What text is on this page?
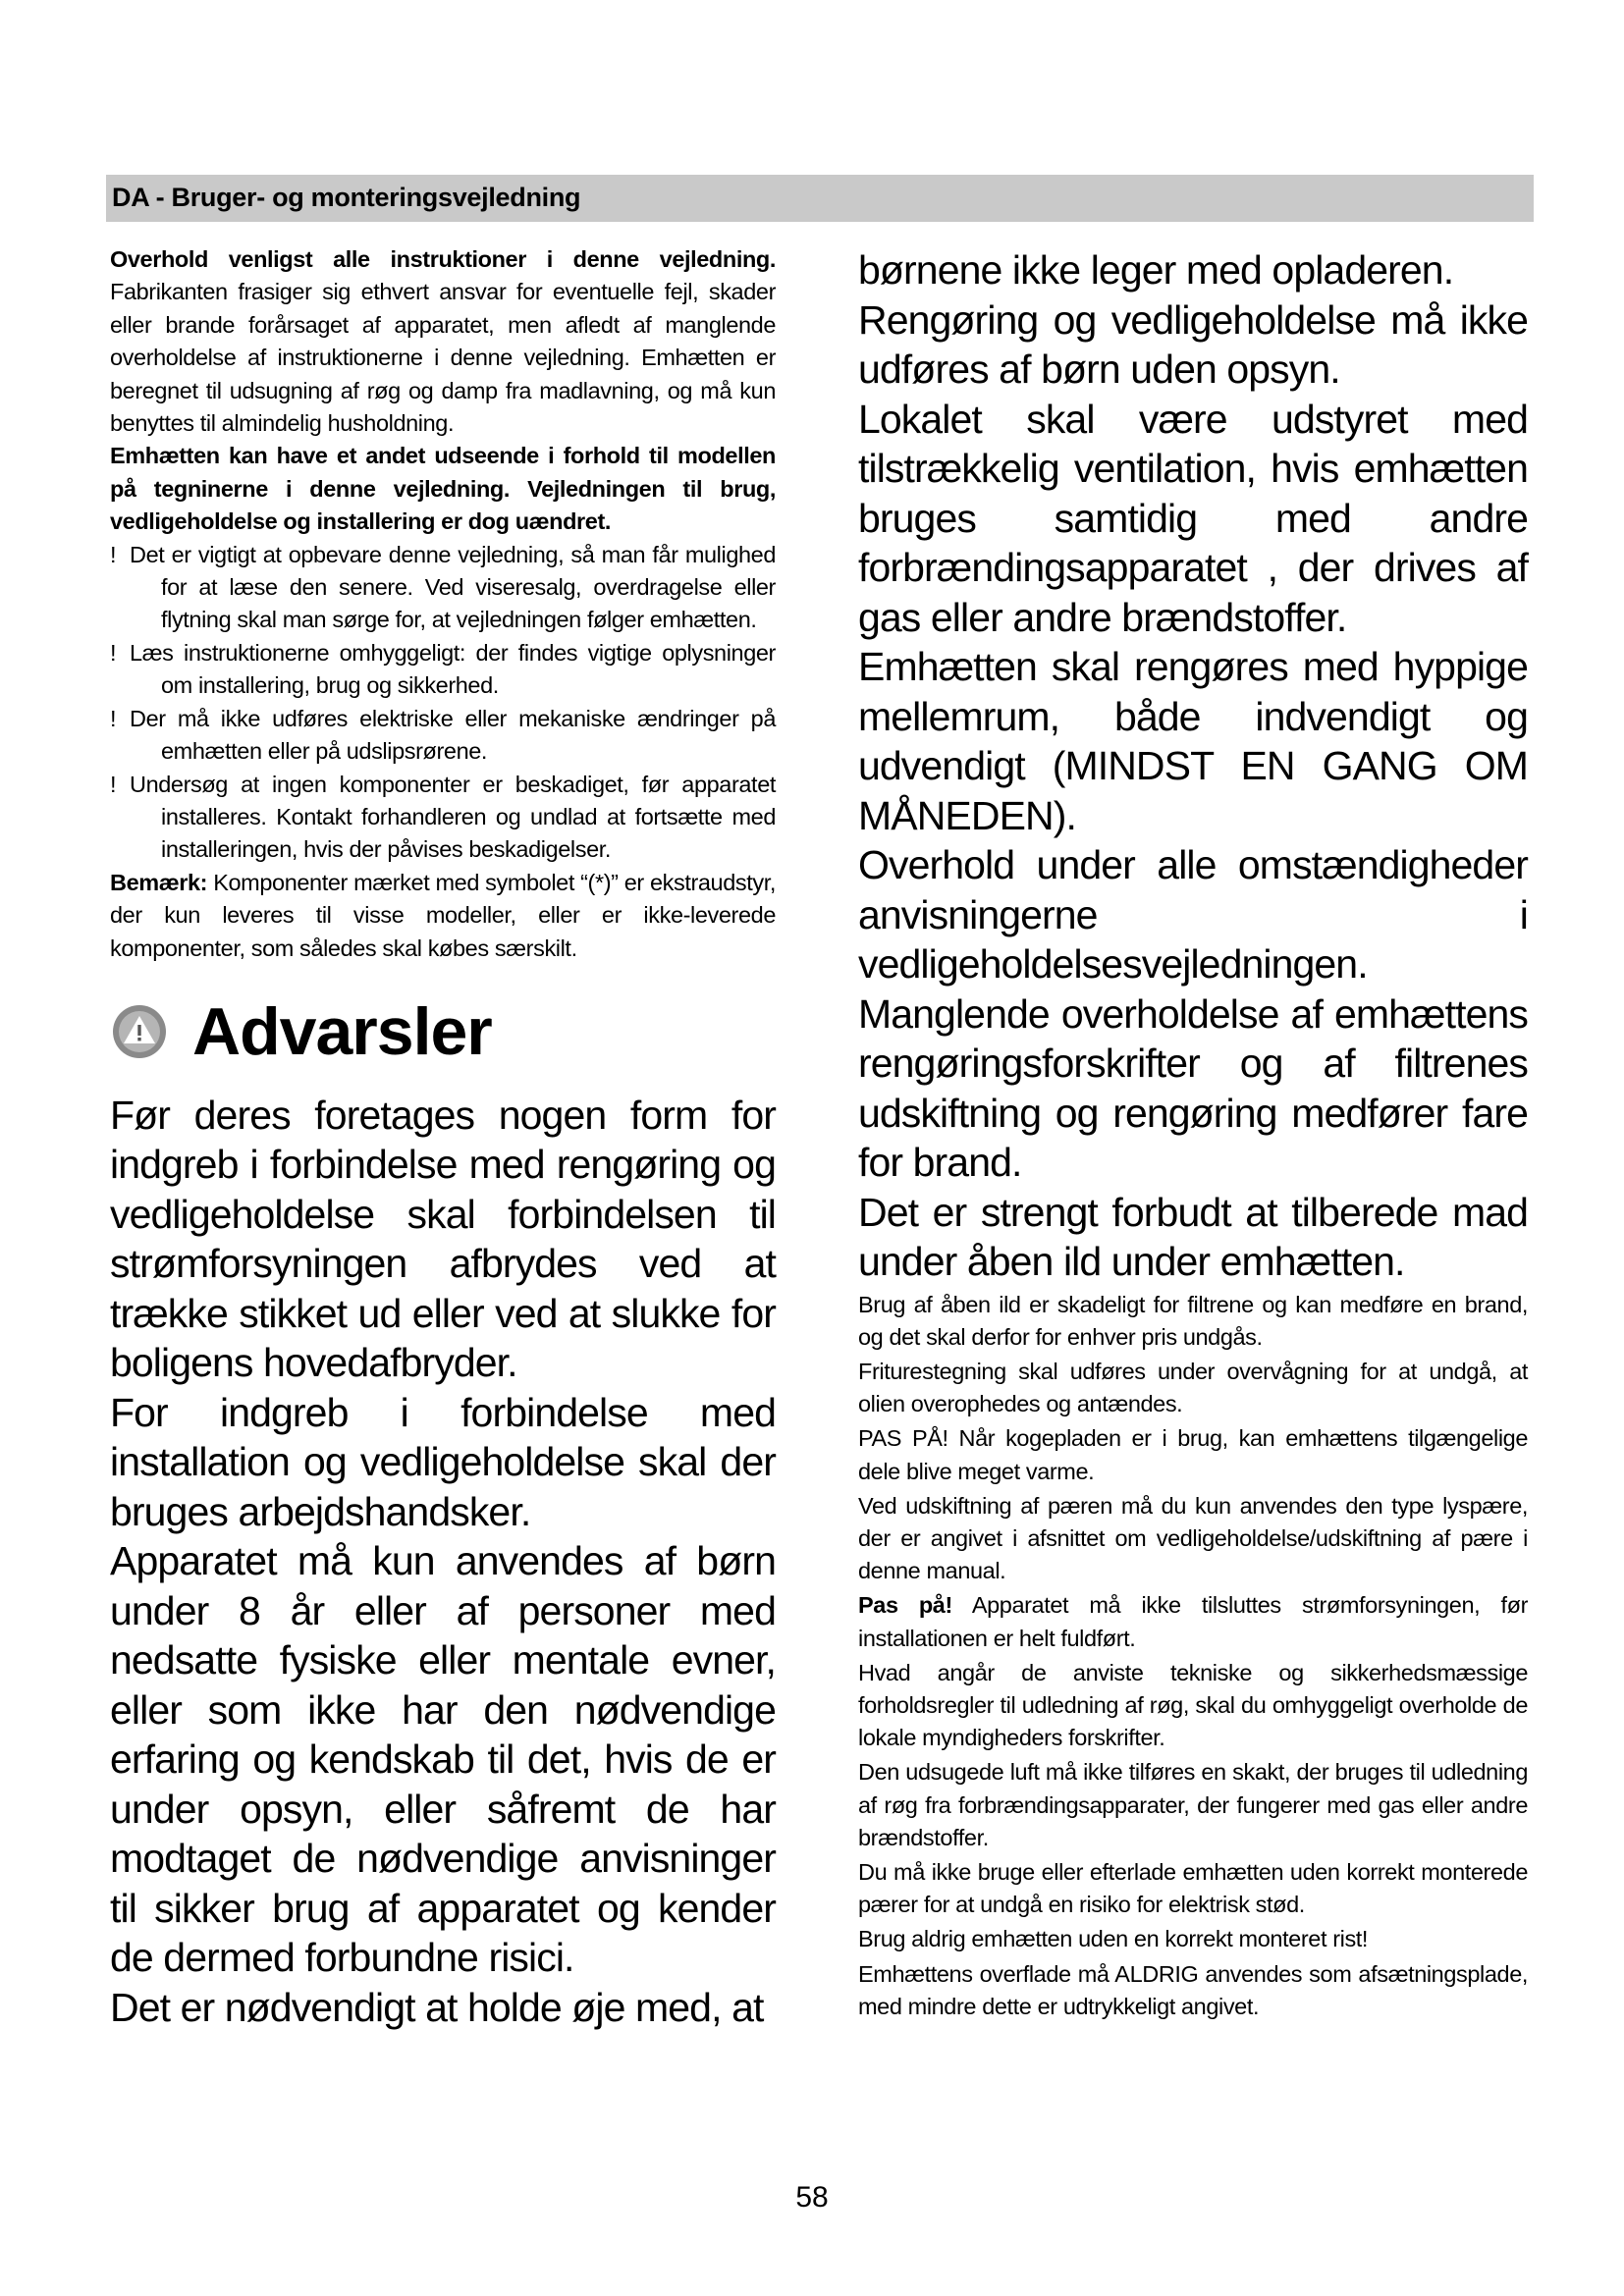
DA - Bruger- og monteringsvejledning

Overhold venligst alle instruktioner i denne vejledning. Fabrikanten frasiger sig ethvert ansvar for eventuelle fejl, skader eller brande forårsaget af apparatet, men afledt af manglende overholdelse af instruktionerne i denne vejledning. Emhætten er beregnet til udsugning af røg og damp fra madlavning, og må kun benyttes til almindelig husholdning.

Emhætten kan have et andet udseende i forhold til modellen på tegninerne i denne vejledning. Vejledningen til brug, vedligeholdelse og installering er dog uændret.

! Det er vigtigt at opbevare denne vejledning, så man får mulighed for at læse den senere. Ved viseresalg, overdragelse eller flytning skal man sørge for, at vejledningen følger emhætten.

! Læs instruktionerne omhyggeligt: der findes vigtige oplysninger om installering, brug og sikkerhed.

! Der må ikke udføres elektriske eller mekaniske ændringer på emhætten eller på udslipsrørene.

! Undersøg at ingen komponenter er beskadiget, før apparatet installeres. Kontakt forhandleren og undlad at fortsætte med installeringen, hvis der påvises beskadigelser.

Bemærk: Komponenter mærket med symbolet “(*)” er ekstraudstyr, der kun leveres til visse modeller, eller er ikke-leverede komponenter, som således skal købes særskilt.

Advarsler

Før deres foretages nogen form for indgreb i forbindelse med rengøring og vedligeholdelse skal forbindelsen til strømforsyningen afbrydes ved at trække stikket ud eller ved at slukke for boligens hovedafbryder.

For indgreb i forbindelse med installation og vedligeholdelse skal der bruges arbejdshandsker.

Apparatet må kun anvendes af børn under 8 år eller af personer med nedsatte fysiske eller mentale evner, eller som ikke har den nødvendige erfaring og kendskab til det, hvis de er under opsyn, eller såfremt de har modtaget de nødvendige anvisninger til sikker brug af apparatet og kender de dermed forbundne risici.

Det er nødvendigt at holde øje med, at

børnene ikke leger med opladeren.

Rengøring og vedligeholdelse må ikke udføres af børn uden opsyn.

Lokalet skal være udstyret med tilstrækkelig ventilation, hvis emhætten bruges samtidig med andre forbrændingsapparatet , der drives af gas eller andre brændstoffer.

Emhætten skal rengøres med hyppige mellemrum, både indvendigt og udvendigt (MINDST EN GANG OM MÅNEDEN).

Overhold under alle omstændigheder anvisningerne i vedligeholdelsesvejledningen.

Manglende overholdelse af emhættens rengøringsforskrifter og af filtrenes udskiftning og rengøring medfører fare for brand.

Det er strengt forbudt at tilberede mad under åben ild under emhætten.

Brug af åben ild er skadeligt for filtrene og kan medføre en brand, og det skal derfor for enhver pris undgås.

Friturestegning skal udføres under overvågning for at undgå, at olien overophedes og antændes.

PAS PÅ! Når kogepladen er i brug, kan emhættens tilgængelige dele blive meget varme.

Ved udskiftning af pæren må du kun anvendes den type lyspære, der er angivet i afsnittet om vedligeholdelse/udskiftning af pære i denne manual.

Pas på! Apparatet må ikke tilsluttes strømforsyningen, før installationen er helt fuldført.

Hvad angår de anviste tekniske og sikkerhedsmæssige forholdsregler til udledning af røg, skal du omhyggeligt overholde de lokale myndigheders forskrifter.

Den udsugede luft må ikke tilføres en skakt, der bruges til udledning af røg fra forbrændingsapparater, der fungerer med gas eller andre brændstoffer.

Du må ikke bruge eller efterlade emhætten uden korrekt monterede pærer for at undgå en risiko for elektrisk stød.

Brug aldrig emhætten uden en korrekt monteret rist!

Emhættens overflade må ALDRIG anvendes som afsætningsplade, med mindre dette er udtrykkeligt angivet.

58
